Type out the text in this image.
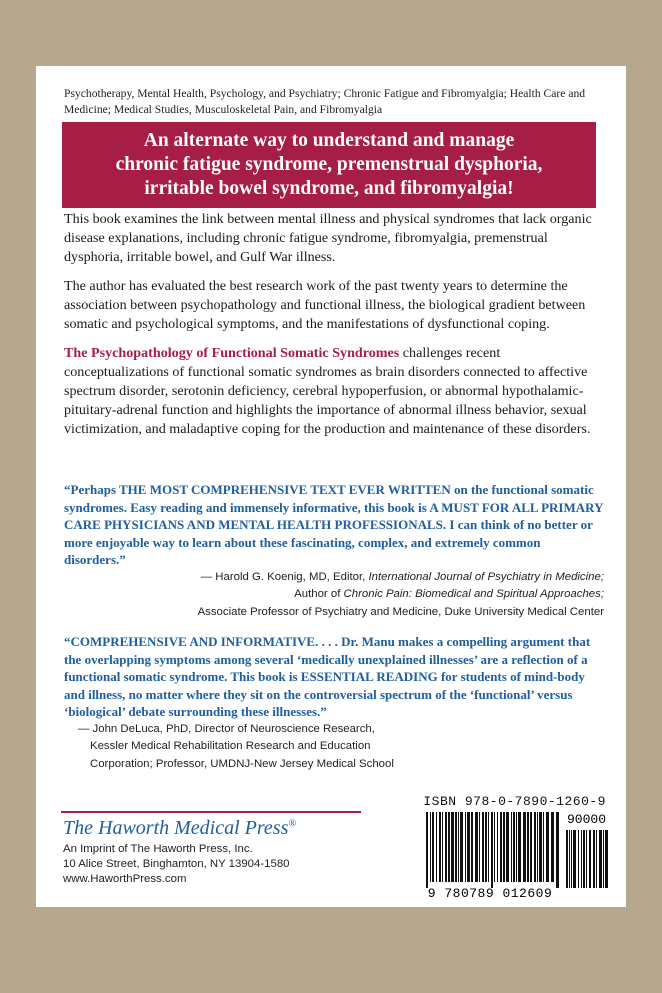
Psychotherapy, Mental Health, Psychology, and Psychiatry; Chronic Fatigue and Fibromyalgia; Health Care and Medicine; Medical Studies, Musculoskeletal Pain, and Fibromyalgia
An alternate way to understand and manage
chronic fatigue syndrome, premenstrual dysphoria,
irritable bowel syndrome, and fibromyalgia!

This book examines the link between mental illness and physical syndromes that lack organic disease explanations, including chronic fatigue syndrome, fibromyalgia, premenstrual dysphoria, irritable bowel, and Gulf War illness.

The author has evaluated the best research work of the past twenty years to determine the association between psychopathology and functional illness, the biological gradient between somatic and psychological symptoms, and the manifestations of dysfunctional coping.

The Psychopathology of Functional Somatic Syndromes challenges recent conceptualizations of functional somatic syndromes as brain disorders connected to affective spectrum disorder, serotonin deficiency, cerebral hypoperfusion, or abnormal hypothalamic-pituitary-adrenal function and highlights the importance of abnormal illness behavior, sexual victimization, and maladaptive coping for the production and maintenance of these disorders.

“Perhaps THE MOST COMPREHENSIVE TEXT EVER WRITTEN on the functional somatic syndromes. Easy reading and immensely informative, this book is A MUST FOR ALL PRIMARY CARE PHYSICIANS AND MENTAL HEALTH PROFESSIONALS. I can think of no better or more enjoyable way to learn about these fascinating, complex, and extremely common disorders.”
— Harold G. Koenig, MD, Editor, International Journal of Psychiatry in Medicine;
Author of Chronic Pain: Biomedical and Spiritual Approaches;
Associate Professor of Psychiatry and Medicine, Duke University Medical Center
“COMPREHENSIVE AND INFORMATIVE. . . . Dr. Manu makes a compelling argument that the overlapping symptoms among several ‘medically unexplained illnesses’ are a reflection of a functional somatic syndrome. This book is ESSENTIAL READING for students of mind-body and illness, no matter where they sit on the controversial spectrum of the ‘functional’ versus ‘biological’ debate surrounding these illnesses.”
— John DeLuca, PhD, Director of Neuroscience Research,
Kessler Medical Rehabilitation Research and Education
Corporation; Professor, UMDNJ-New Jersey Medical School
The Haworth Medical Press®
An Imprint of The Haworth Press, Inc.
10 Alice Street, Binghamton, NY 13904-1580
www.HaworthPress.com
ISBN 978-0-7890-1260-9
90000
9 780789 012609
